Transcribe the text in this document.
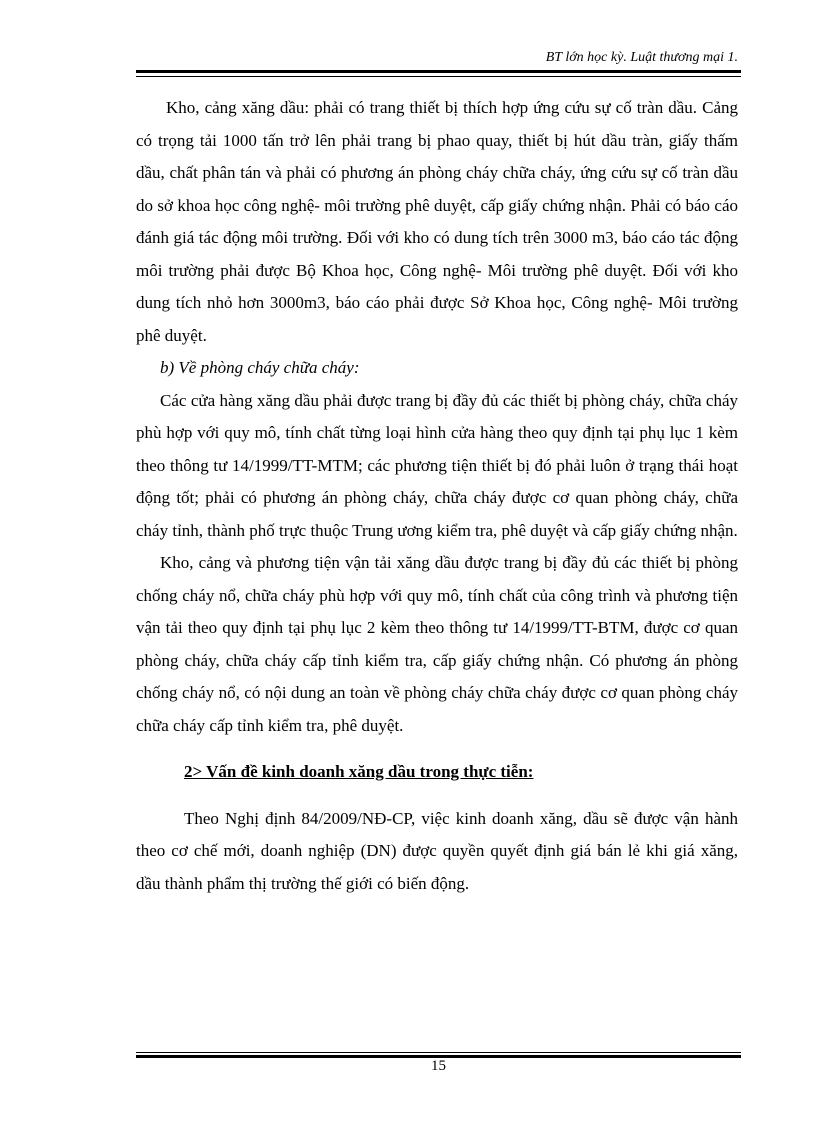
BT lớn học kỳ. Luật thương mại 1.

Kho, cảng xăng dầu: phải có trang thiết bị thích hợp ứng cứu sự cố tràn dầu. Cảng có trọng tải 1000 tấn trở lên phải trang bị phao quay, thiết bị hút dầu tràn, giấy thấm dầu, chất phân tán và phải có phương án phòng cháy chữa cháy, ứng cứu sự cố tràn dầu do sở khoa học công nghệ- môi trường phê duyệt, cấp giấy chứng nhận. Phải có báo cáo đánh giá tác động môi trường. Đối với kho có dung tích trên 3000 m3, báo cáo tác động môi trường phải được Bộ Khoa học, Công nghệ- Môi trường phê duyệt. Đối với kho dung tích nhỏ hơn 3000m3, báo cáo phải được Sở Khoa học, Công nghệ- Môi trường phê duyệt.

b) Về phòng cháy chữa cháy:

Các cửa hàng xăng dầu phải được trang bị đầy đủ các thiết bị phòng cháy, chữa cháy phù hợp với quy mô, tính chất từng loại hình cửa hàng theo quy định tại phụ lục 1 kèm theo thông tư 14/1999/TT-MTM; các phương tiện thiết bị đó phải luôn ở trạng thái hoạt động tốt; phải có phương án phòng cháy, chữa cháy được cơ quan phòng cháy, chữa cháy tỉnh, thành phố trực thuộc Trung ương kiểm tra, phê duyệt và cấp giấy chứng nhận.

Kho, cảng và phương tiện vận tải xăng dầu được trang bị đầy đủ các thiết bị phòng chống cháy nổ, chữa cháy phù hợp với quy mô, tính chất của công trình và phương tiện vận tải theo quy định tại phụ lục 2 kèm theo thông tư 14/1999/TT-BTM, được cơ quan phòng cháy, chữa cháy cấp tỉnh kiểm tra, cấp giấy chứng nhận. Có phương án phòng chống cháy nổ, có nội dung an toàn về phòng cháy chữa cháy được cơ quan phòng cháy chữa cháy cấp tỉnh kiểm tra, phê duyệt.

2> Vấn đề kinh doanh xăng dầu trong thực tiễn:

Theo Nghị định 84/2009/NĐ-CP, việc kinh doanh xăng, dầu sẽ được vận hành theo cơ chế mới, doanh nghiệp (DN) được quyền quyết định giá bán lẻ khi giá xăng, dầu thành phẩm thị trường thế giới có biến động.

15
